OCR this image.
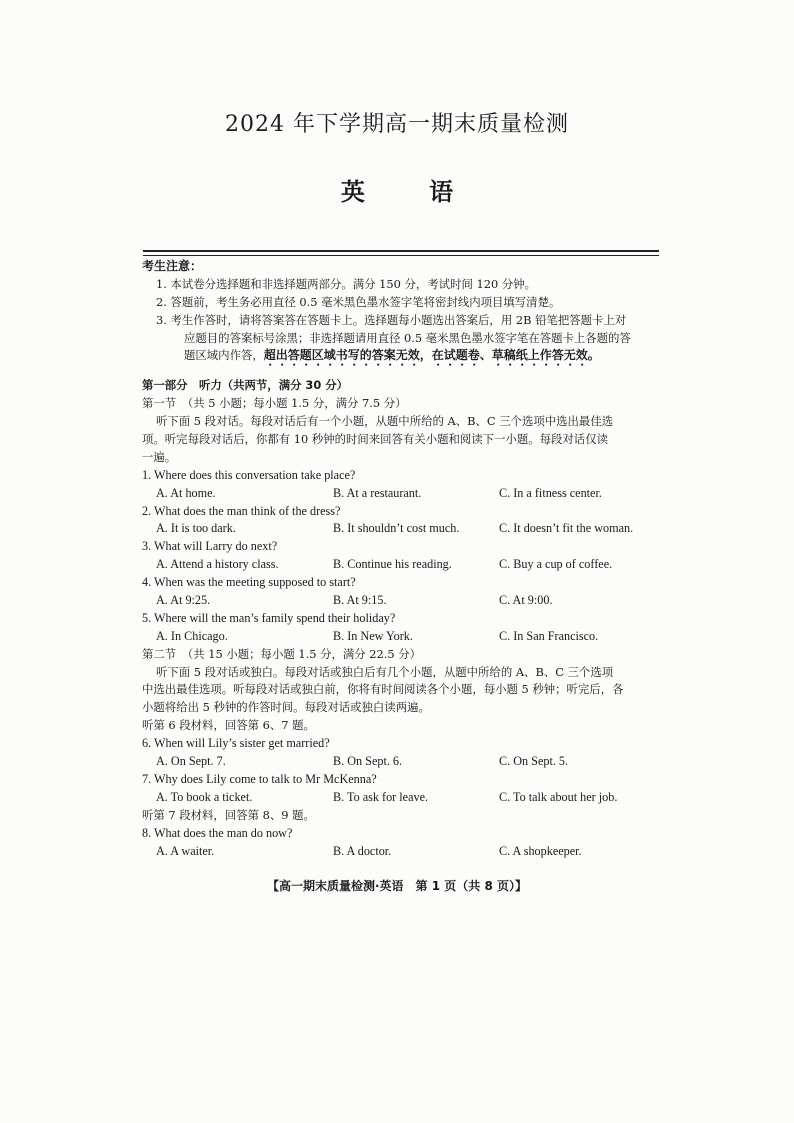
2024 年下学期高一期末质量检测
英 语
考生注意：
1. 本试卷分选择题和非选择题两部分。满分 150 分，考试时间 120 分钟。
2. 答题前，考生务必用直径 0.5 毫米黑色墨水签字笔将密封线内项目填写清楚。
3. 考生作答时，请将答案答在答题卡上。选择题每小题选出答案后，用 2B 铅笔把答题卡上对
应题目的答案标号涂黑；非选择题请用直径 0.5 毫米黑色墨水签字笔在答题卡上各题的答
题区域内作答，超出答题区域书写的答案无效，在试题卷、草稿纸上作答无效。
第一部分　听力（共两节，满分 30 分）
第一节　（共 5 小题；每小题 1.5 分，满分 7.5 分）
听下面 5 段对话。每段对话后有一个小题，从题中所给的 A、B、C 三个选项中选出最佳选
项。听完每段对话后，你都有 10 秒钟的时间来回答有关小题和阅读下一小题。每段对话仅读
一遍。
1. Where does this conversation take place?
A. At home.	B. At a restaurant.	C. In a fitness center.
2. What does the man think of the dress?
A. It is too dark.	B. It shouldn’t cost much.	C. It doesn’t fit the woman.
3. What will Larry do next?
A. Attend a history class.	B. Continue his reading.	C. Buy a cup of coffee.
4. When was the meeting supposed to start?
A. At 9:25.	B. At 9:15.	C. At 9:00.
5. Where will the man’s family spend their holiday?
A. In Chicago.	B. In New York.	C. In San Francisco.
第二节　（共 15 小题；每小题 1.5 分，满分 22.5 分）
听下面 5 段对话或独白。每段对话或独白后有几个小题，从题中所给的 A、B、C 三个选项
中选出最佳选项。听每段对话或独白前，你将有时间阅读各个小题，每小题 5 秒钟；听完后，各
小题将给出 5 秒钟的作答时间。每段对话或独白读两遍。
听第 6 段材料，回答第 6、7 题。
6. When will Lily’s sister get married?
A. On Sept. 7.	B. On Sept. 6.	C. On Sept. 5.
7. Why does Lily come to talk to Mr McKenna?
A. To book a ticket.	B. To ask for leave.	C. To talk about her job.
听第 7 段材料，回答第 8、9 题。
8. What does the man do now?
A. A waiter.	B. A doctor.	C. A shopkeeper.
【高一期末质量检测·英语　第 1 页（共 8 页）】
